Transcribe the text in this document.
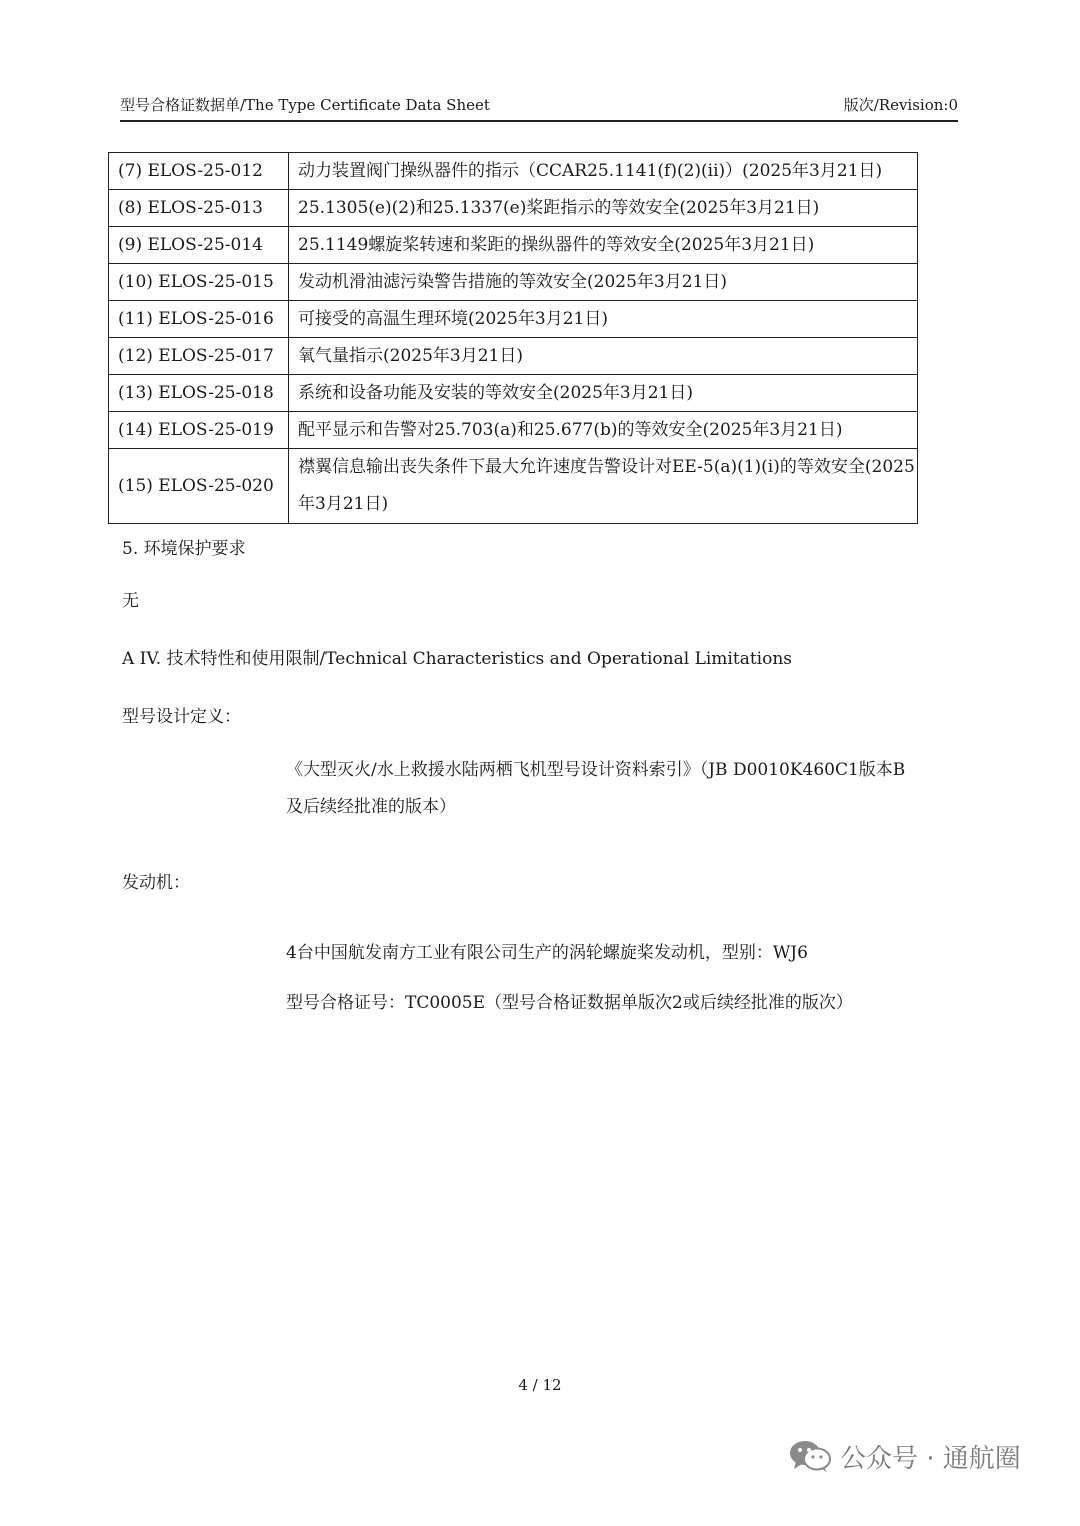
型号合格证数据单/The Type Certificate Data Sheet	版次/Revision:0
(7) ELOS-25-012	动力装置阀门操纵器件的指示（CCAR25.1141(f)(2)(ii)）(2025年3月21日)
(8) ELOS-25-013	25.1305(e)(2)和25.1337(e)桨距指示的等效安全(2025年3月21日)
(9) ELOS-25-014	25.1149螺旋桨转速和桨距的操纵器件的等效安全(2025年3月21日)
(10) ELOS-25-015	发动机滑油滤污染警告措施的等效安全(2025年3月21日)
(11) ELOS-25-016	可接受的高温生理环境(2025年3月21日)
(12) ELOS-25-017	氧气量指示(2025年3月21日)
(13) ELOS-25-018	系统和设备功能及安装的等效安全(2025年3月21日)
(14) ELOS-25-019	配平显示和告警对25.703(a)和25.677(b)的等效安全(2025年3月21日)
(15) ELOS-25-020	襟翼信息输出丧失条件下最大允许速度告警设计对EE-5(a)(1)(i)的等效安全(2025年3月21日)
5. 环境保护要求
无
A IV. 技术特性和使用限制/Technical Characteristics and Operational Limitations
型号设计定义：
《大型灭火/水上救援水陆两栖飞机型号设计资料索引》（JB D0010K460C1版本B及后续经批准的版本）
发动机：
4台中国航发南方工业有限公司生产的涡轮螺旋桨发动机，型别：WJ6
型号合格证号：TC0005E（型号合格证数据单版次2或后续经批准的版次）
4 / 12
公众号 · 通航圈
